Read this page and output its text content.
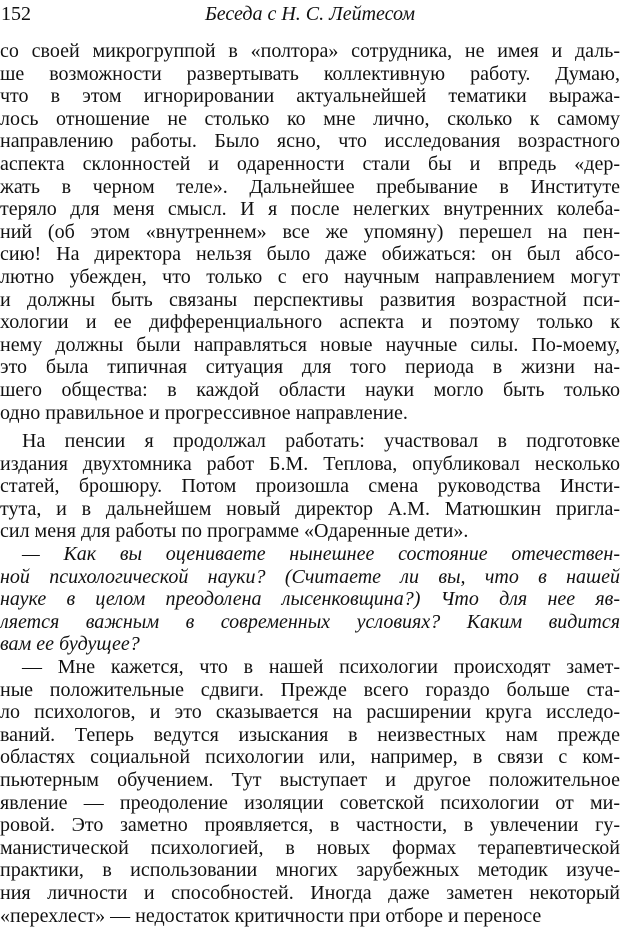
152	Беседа с Н. С. Лейтесом
со своей микрогруппой в «полтора» сотрудника, не имея и даль-
ше возможности развертывать коллективную работу. Думаю,
что в этом игнорировании актуальнейшей тематики выража-
лось отношение не столько ко мне лично, сколько к самому
направлению работы. Было ясно, что исследования возрастного
аспекта склонностей и одаренности стали бы и впредь «дер-
жать в черном теле». Дальнейшее пребывание в Институте
теряло для меня смысл. И я после нелегких внутренних колеба-
ний (об этом «внутреннем» все же упомяну) перешел на пен-
сию! На директора нельзя было даже обижаться: он был абсо-
лютно убежден, что только с его научным направлением могут
и должны быть связаны перспективы развития возрастной пси-
хологии и ее дифференциального аспекта и поэтому только к
нему должны были направляться новые научные силы. По-моему,
это была типичная ситуация для того периода в жизни на-
шего общества: в каждой области науки могло быть только
одно правильное и прогрессивное направление.
На пенсии я продолжал работать: участвовал в подготовке
издания двухтомника работ Б.М. Теплова, опубликовал несколько
статей, брошюру. Потом произошла смена руководства Инсти-
тута, и в дальнейшем новый директор А.М. Матюшкин пригла-
сил меня для работы по программе «Одаренные дети».
— Как вы оцениваете нынешнее состояние отечествен-
ной психологической науки? (Считаете ли вы, что в нашей
науке в целом преодолена лысенковщина?) Что для нее яв-
ляется важным в современных условиях? Каким видится
вам ее будущее?
— Мне кажется, что в нашей психологии происходят замет-
ные положительные сдвиги. Прежде всего гораздо больше ста-
ло психологов, и это сказывается на расширении круга исследо-
ваний. Теперь ведутся изыскания в неизвестных нам прежде
областях социальной психологии или, например, в связи с ком-
пьютерным обучением. Тут выступает и другое положительное
явление — преодоление изоляции советской психологии от ми-
ровой. Это заметно проявляется, в частности, в увлечении гу-
манистической психологией, в новых формах терапевтической
практики, в использовании многих зарубежных методик изуче-
ния личности и способностей. Иногда даже заметен некоторый
«перехлест» — недостаток критичности при отборе и переносе
